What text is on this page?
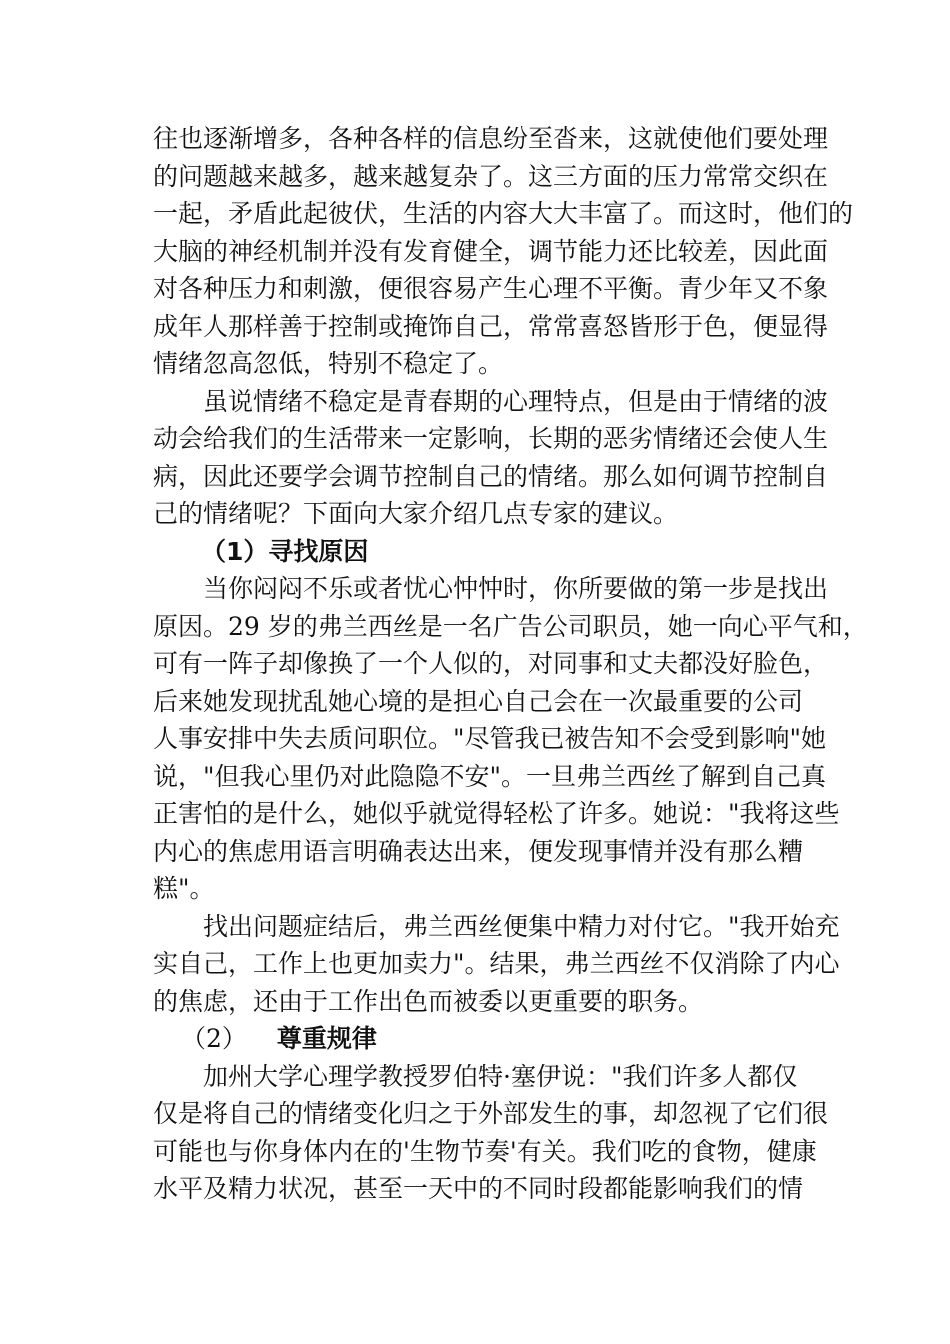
往也逐渐增多，各种各样的信息纷至沓来，这就使他们要处理
的问题越来越多，越来越复杂了。这三方面的压力常常交织在
一起，矛盾此起彼伏，生活的内容大大丰富了。而这时，他们的
大脑的神经机制并没有发育健全，调节能力还比较差，因此面
对各种压力和刺激，便很容易产生心理不平衡。青少年又不象
成年人那样善于控制或掩饰自己，常常喜怒皆形于色，便显得
情绪忽高忽低，特别不稳定了。
虽说情绪不稳定是青春期的心理特点，但是由于情绪的波
动会给我们的生活带来一定影响，长期的恶劣情绪还会使人生
病，因此还要学会调节控制自己的情绪。那么如何调节控制自
己的情绪呢？下面向大家介绍几点专家的建议。
（1）寻找原因
当你闷闷不乐或者忧心忡忡时，你所要做的第一步是找出
原因。29 岁的弗兰西丝是一名广告公司职员，她一向心平气和，
可有一阵子却像换了一个人似的，对同事和丈夫都没好脸色，
后来她发现扰乱她心境的是担心自己会在一次最重要的公司
人事安排中失去质问职位。"尽管我已被告知不会受到影响"她
说，"但我心里仍对此隐隐不安"。一旦弗兰西丝了解到自己真
正害怕的是什么，她似乎就觉得轻松了许多。她说："我将这些
内心的焦虑用语言明确表达出来，便发现事情并没有那么糟
糕"。
找出问题症结后，弗兰西丝便集中精力对付它。"我开始充
实自己，工作上也更加卖力"。结果，弗兰西丝不仅消除了内心
的焦虑，还由于工作出色而被委以更重要的职务。
（2） 尊重规律
加州大学心理学教授罗伯特·塞伊说："我们许多人都仅
仅是将自己的情绪变化归之于外部发生的事，却忽视了它们很
可能也与你身体内在的'生物节奏'有关。我们吃的食物，健康
水平及精力状况，甚至一天中的不同时段都能影响我们的情
